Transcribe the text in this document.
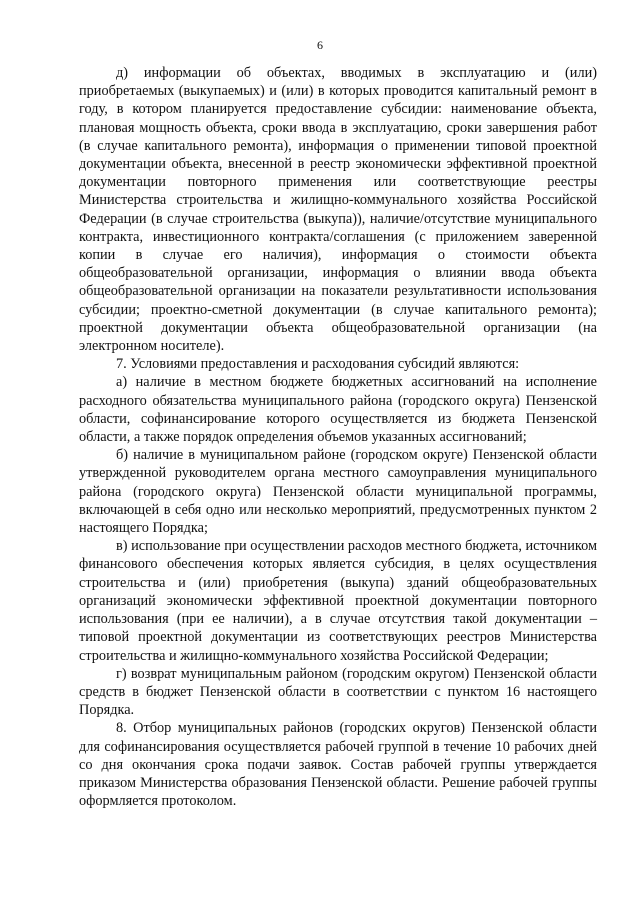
6

д) информации об объектах, вводимых в эксплуатацию и (или) приобретаемых (выкупаемых) и (или) в которых проводится капитальный ремонт в году, в котором планируется предоставление субсидии: наименование объекта, плановая мощность объекта, сроки ввода в эксплуатацию, сроки завершения работ (в случае капитального ремонта), информация о применении типовой проектной документации объекта, внесенной в реестр экономически эффективной проектной документации повторного применения или соответствующие реестры Министерства строительства и жилищно-коммунального хозяйства Российской Федерации (в случае строительства (выкупа)), наличие/отсутствие муниципального контракта, инвестиционного контракта/соглашения (с приложением заверенной копии в случае его наличия), информация о стоимости объекта общеобразовательной организации, информация о влиянии ввода объекта общеобразовательной организации на показатели результативности использования субсидии; проектно-сметной документации (в случае капитального ремонта); проектной документации объекта общеобразовательной организации (на электронном носителе).

7. Условиями предоставления и расходования субсидий являются:

а) наличие в местном бюджете бюджетных ассигнований на исполнение расходного обязательства муниципального района (городского округа) Пензенской области, софинансирование которого осуществляется из бюджета Пензенской области, а также порядок определения объемов указанных ассигнований;

б) наличие в муниципальном районе (городском округе) Пензенской области утвержденной руководителем органа местного самоуправления муниципального района (городского округа) Пензенской области муниципальной программы, включающей в себя одно или несколько мероприятий, предусмотренных пунктом 2 настоящего Порядка;

в) использование при осуществлении расходов местного бюджета, источником финансового обеспечения которых является субсидия, в целях осуществления строительства и (или) приобретения (выкупа) зданий общеобразовательных организаций экономически эффективной проектной документации повторного использования (при ее наличии), а в случае отсутствия такой документации – типовой проектной документации из соответствующих реестров Министерства строительства и жилищно-коммунального хозяйства Российской Федерации;

г) возврат муниципальным районом (городским округом) Пензенской области средств в бюджет Пензенской области в соответствии с пунктом 16 настоящего Порядка.

8. Отбор муниципальных районов (городских округов) Пензенской области для софинансирования осуществляется рабочей группой в течение 10 рабочих дней со дня окончания срока подачи заявок. Состав рабочей группы утверждается приказом Министерства образования Пензенской области. Решение рабочей группы оформляется протоколом.
